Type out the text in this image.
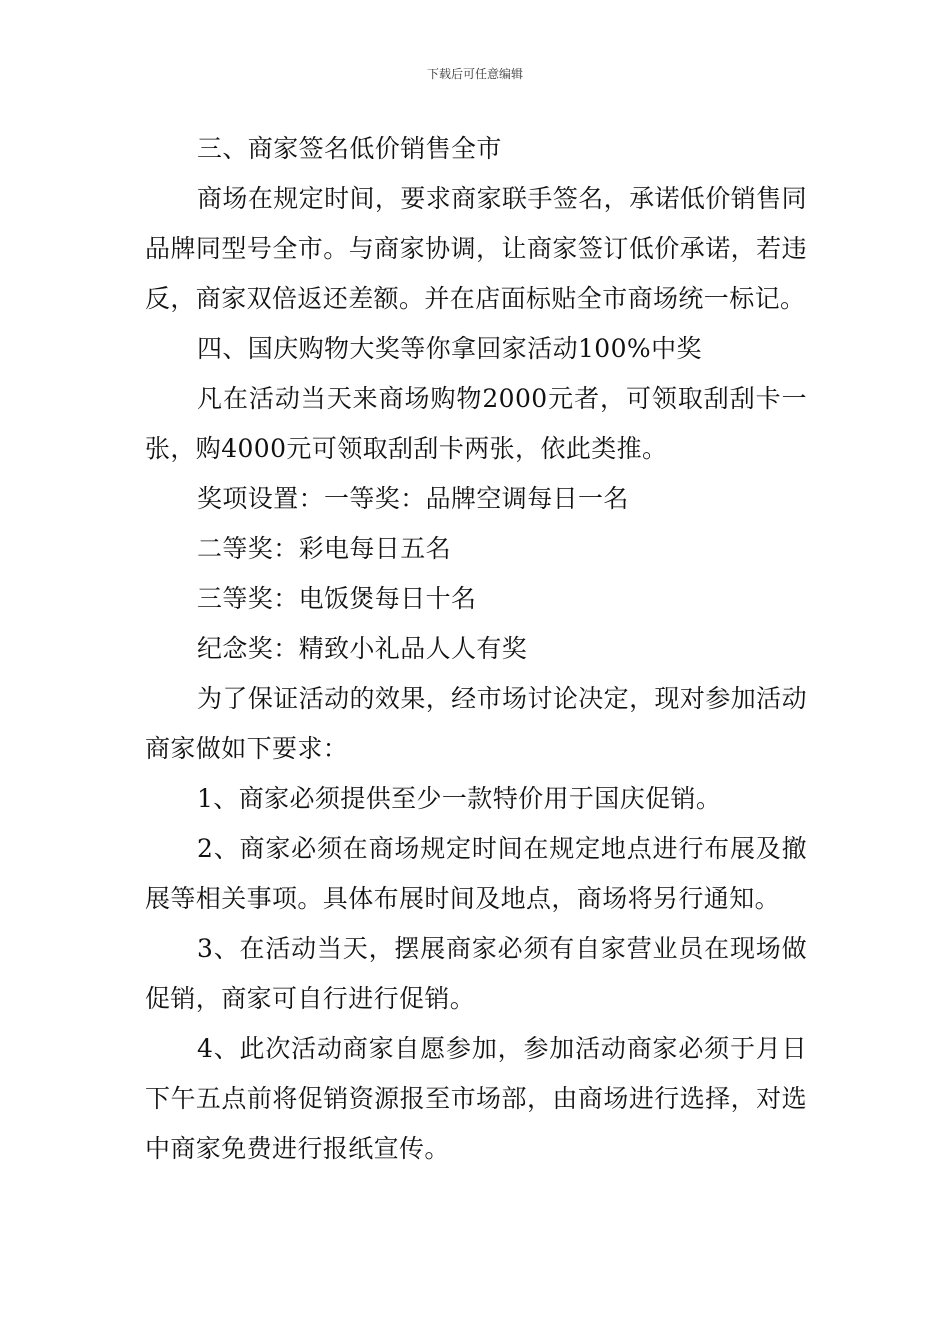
下载后可任意编辑

三、商家签名低价销售全市

商场在规定时间，要求商家联手签名，承诺低价销售同品牌同型号全市。与商家协调，让商家签订低价承诺，若违反，商家双倍返还差额。并在店面标贴全市商场统一标记。

四、国庆购物大奖等你拿回家活动100%中奖

凡在活动当天来商场购物2000元者，可领取刮刮卡一张，购4000元可领取刮刮卡两张，依此类推。

奖项设置：一等奖：品牌空调每日一名

二等奖：彩电每日五名

三等奖：电饭煲每日十名

纪念奖：精致小礼品人人有奖

为了保证活动的效果，经市场讨论决定，现对参加活动商家做如下要求：

1、商家必须提供至少一款特价用于国庆促销。

2、商家必须在商场规定时间在规定地点进行布展及撤展等相关事项。具体布展时间及地点，商场将另行通知。

3、在活动当天，摆展商家必须有自家营业员在现场做促销，商家可自行进行促销。

4、此次活动商家自愿参加，参加活动商家必须于月日下午五点前将促销资源报至市场部，由商场进行选择，对选中商家免费进行报纸宣传。
